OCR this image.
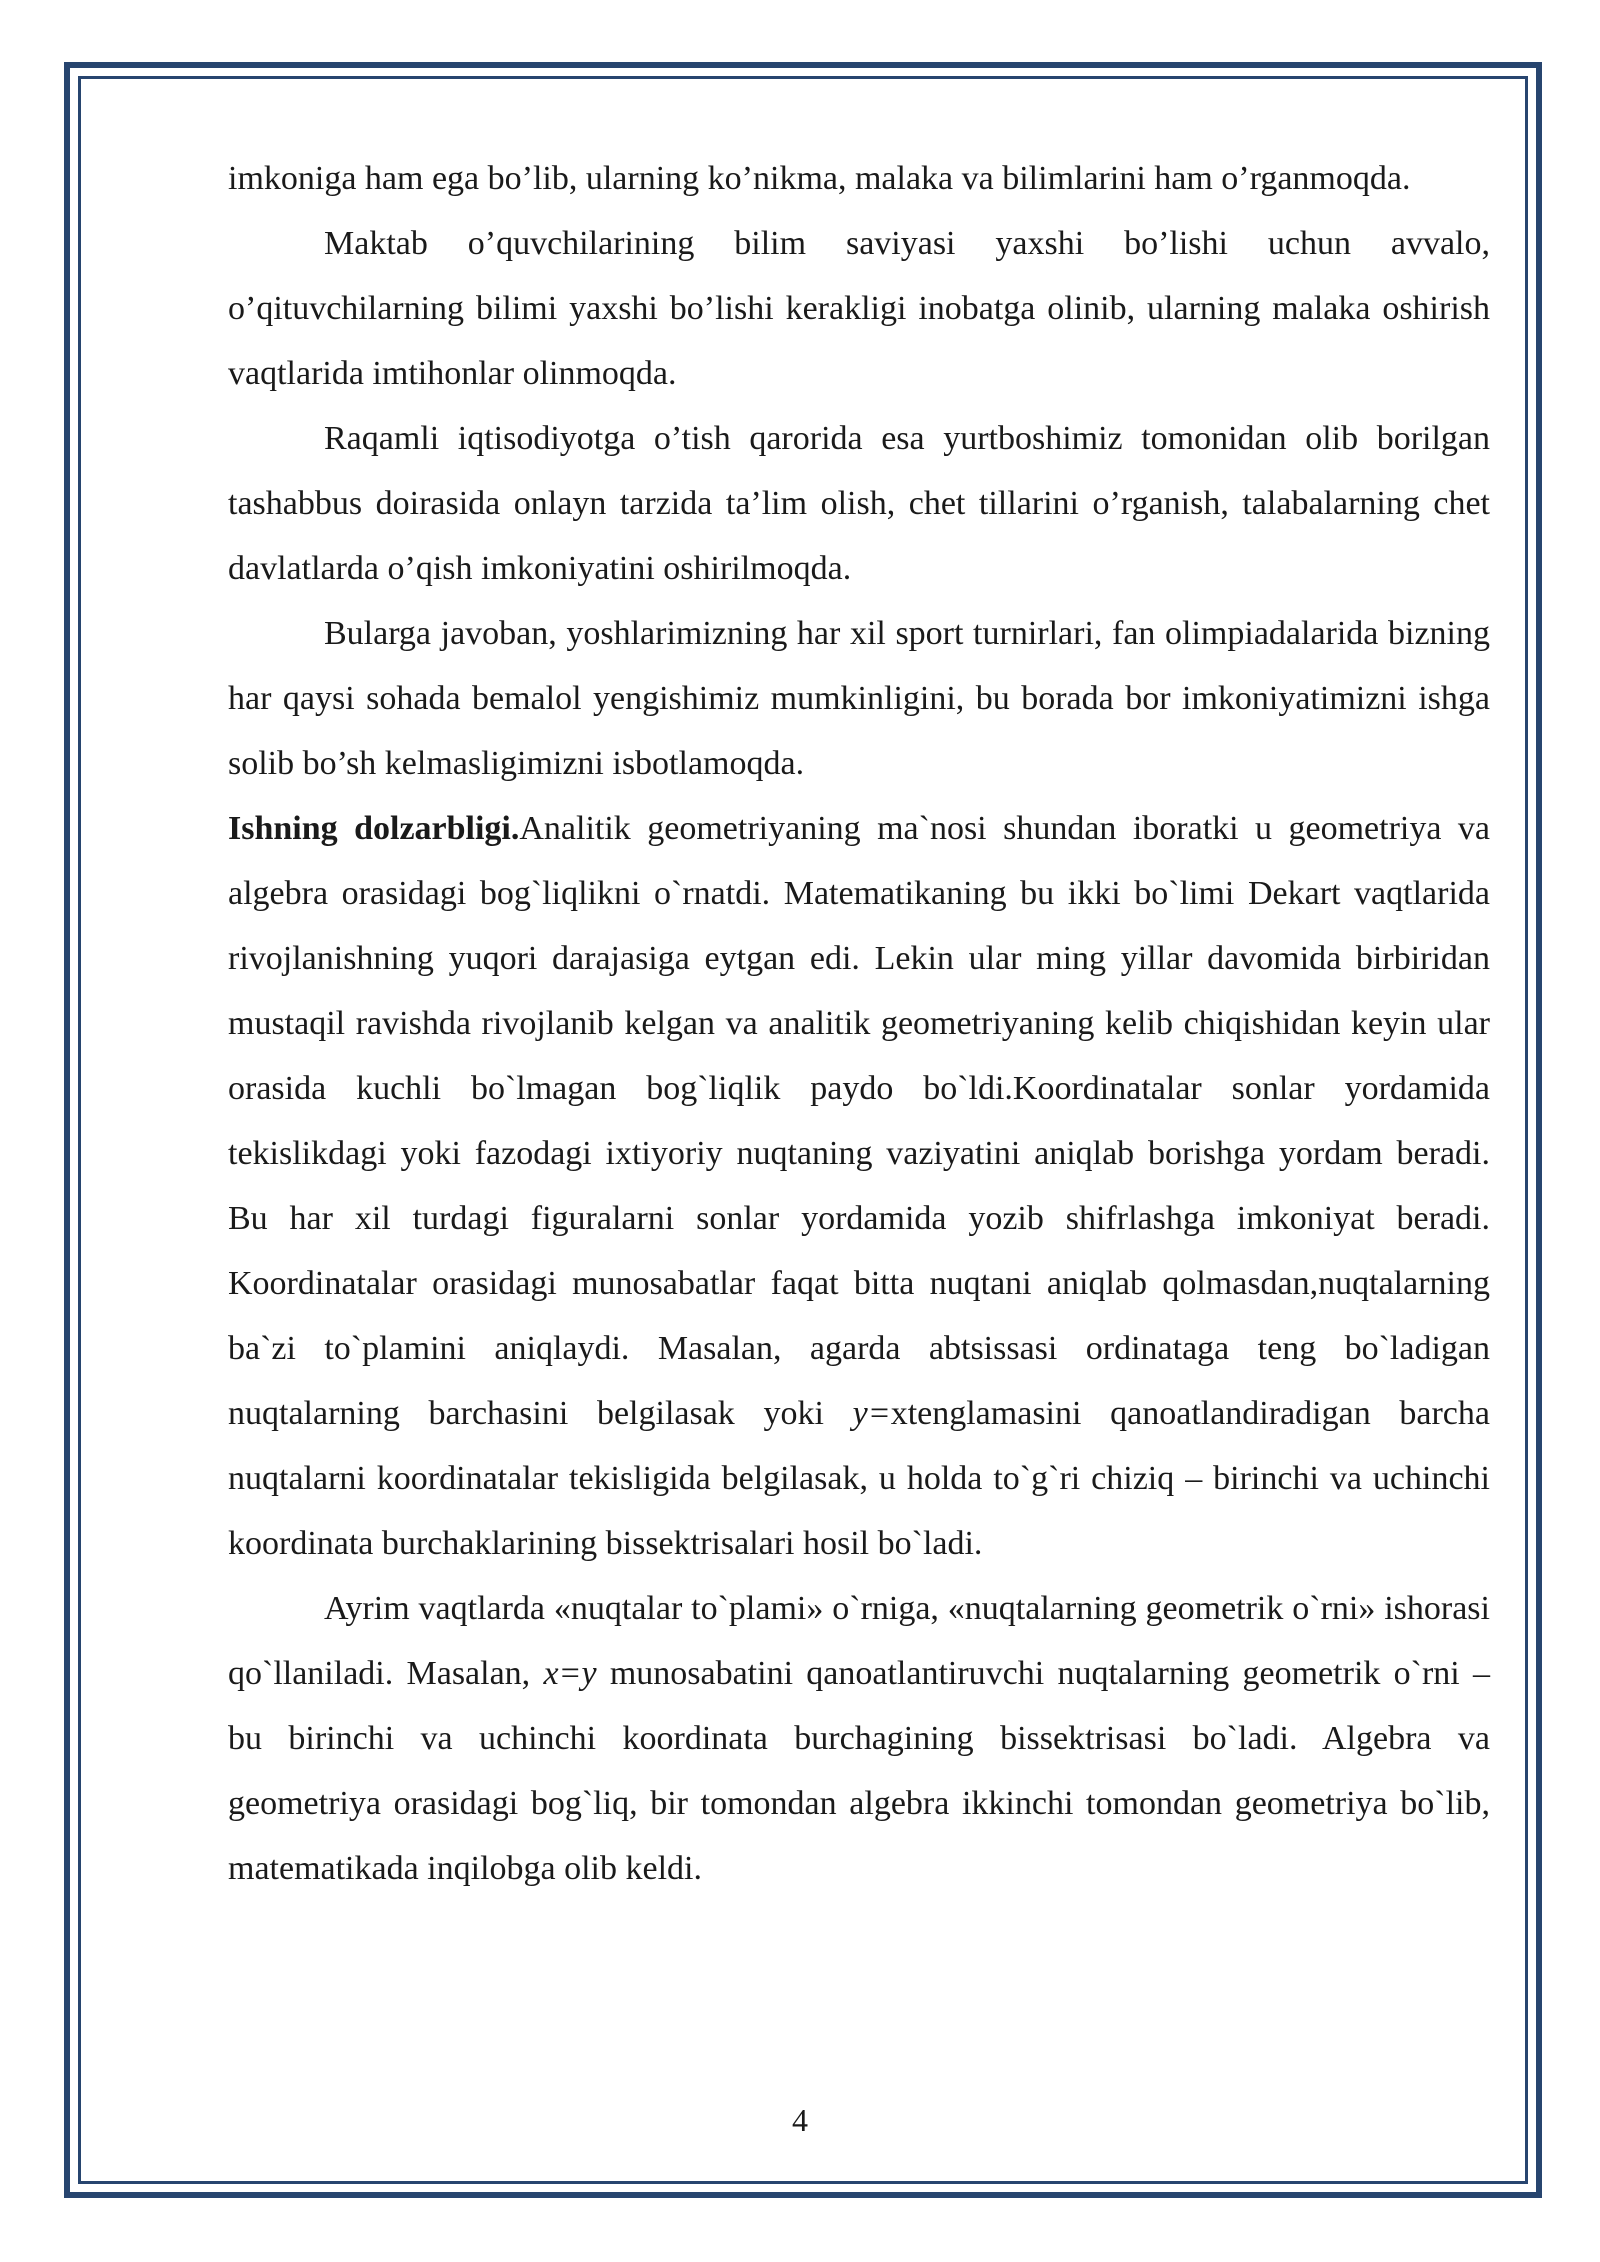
imkoniga ham ega bo’lib, ularning ko’nikma, malaka va bilimlarini ham o’rganmoqda.

Maktab o’quvchilarining bilim saviyasi yaxshi bo’lishi uchun avvalo, o’qituvchilarning bilimi yaxshi bo’lishi kerakligi inobatga olinib, ularning malaka oshirish vaqtlarida imtihonlar olinmoqda.

Raqamli iqtisodiyotga o’tish qarorida esa yurtboshimiz tomonidan olib borilgan tashabbus doirasida onlayn tarzida ta’lim olish, chet tillarini o’rganish, talabalarning chet davlatlarda o’qish imkoniyatini oshirilmoqda.

Bularga javoban, yoshlarimizning har xil sport turnirlari, fan olimpiadalarida bizning har qaysi sohada bemalol yengishimiz mumkinligini, bu borada bor imkoniyatimizni ishga solib bo’sh kelmasligimizni isbotlamoqda.

Ishning dolzarbligi.Analitik geometriyaning ma`nosi shundan iboratki u geometriya va algebra orasidagi bog`liqlikni o`rnatdi. Matematikaning bu ikki bo`limi Dekart vaqtlarida rivojlanishning yuqori darajasiga eytgan edi. Lekin ular ming yillar davomida birbiridan mustaqil ravishda rivojlanib kelgan va analitik geometriyaning kelib chiqishidan keyin ular orasida kuchli bo`lmagan bog`liqlik paydo bo`ldi.Koordinatalar sonlar yordamida tekislikdagi yoki fazodagi ixtiyoriy nuqtaning vaziyatini aniqlab borishga yordam beradi. Bu har xil turdagi figuralarni sonlar yordamida yozib shifrlashga imkoniyat beradi. Koordinatalar orasidagi munosabatlar faqat bitta nuqtani aniqlab qolmasdan,nuqtalarning ba`zi to`plamini aniqlaydi. Masalan, agarda abtsissasi ordinataga teng bo`ladigan nuqtalarning barchasini belgilasak yoki y=xtenglamasini qanoatlandiradigan barcha nuqtalarni koordinatalar tekisligida belgilasak, u holda to`g`ri chiziq – birinchi va uchinchi koordinata burchaklarining bissektrisalari hosil bo`ladi.

Ayrim vaqtlarda «nuqtalar to`plami» o`rniga, «nuqtalarning geometrik o`rni» ishorasi qo`llaniladi. Masalan, x=y munosabatini qanoatlantiruvchi nuqtalarning geometrik o`rni – bu birinchi va uchinchi koordinata burchagining bissektrisasi bo`ladi. Algebra va geometriya orasidagi bog`liq, bir tomondan algebra ikkinchi tomondan geometriya bo`lib, matematikada inqilobga olib keldi.

4
